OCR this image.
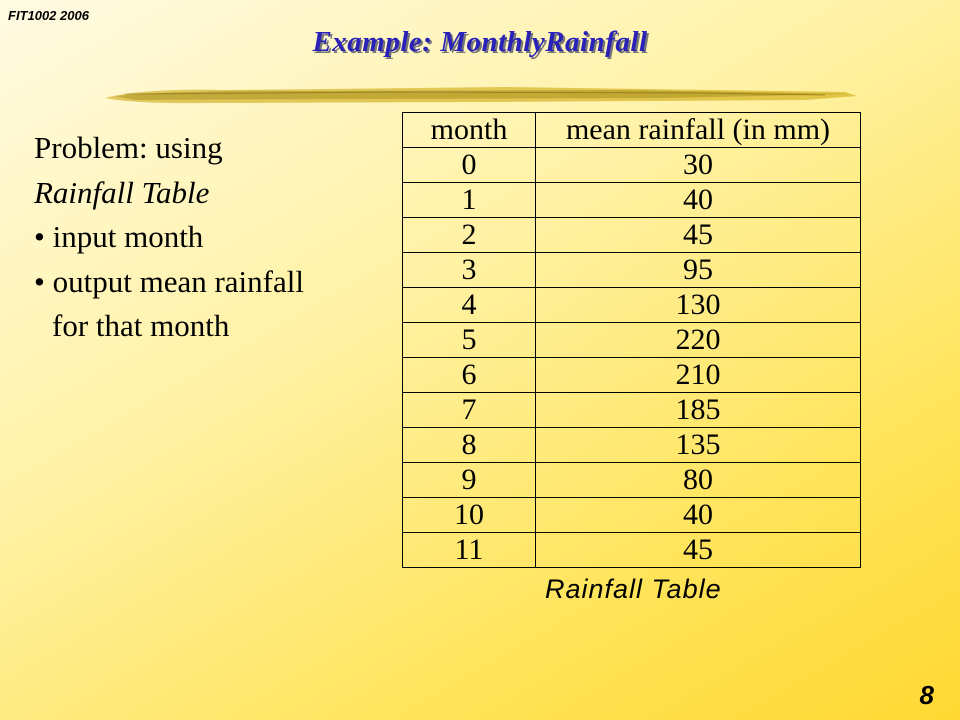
FIT1002 2006
Example: MonthlyRainfall
Problem: using
Rainfall Table
• input month
• output mean rainfall
for that month
month	mean rainfall (in mm)
0	30
1	40
2	45
3	95
4	130
5	220
6	210
7	185
8	135
9	80
10	40
11	45
Rainfall Table
8
